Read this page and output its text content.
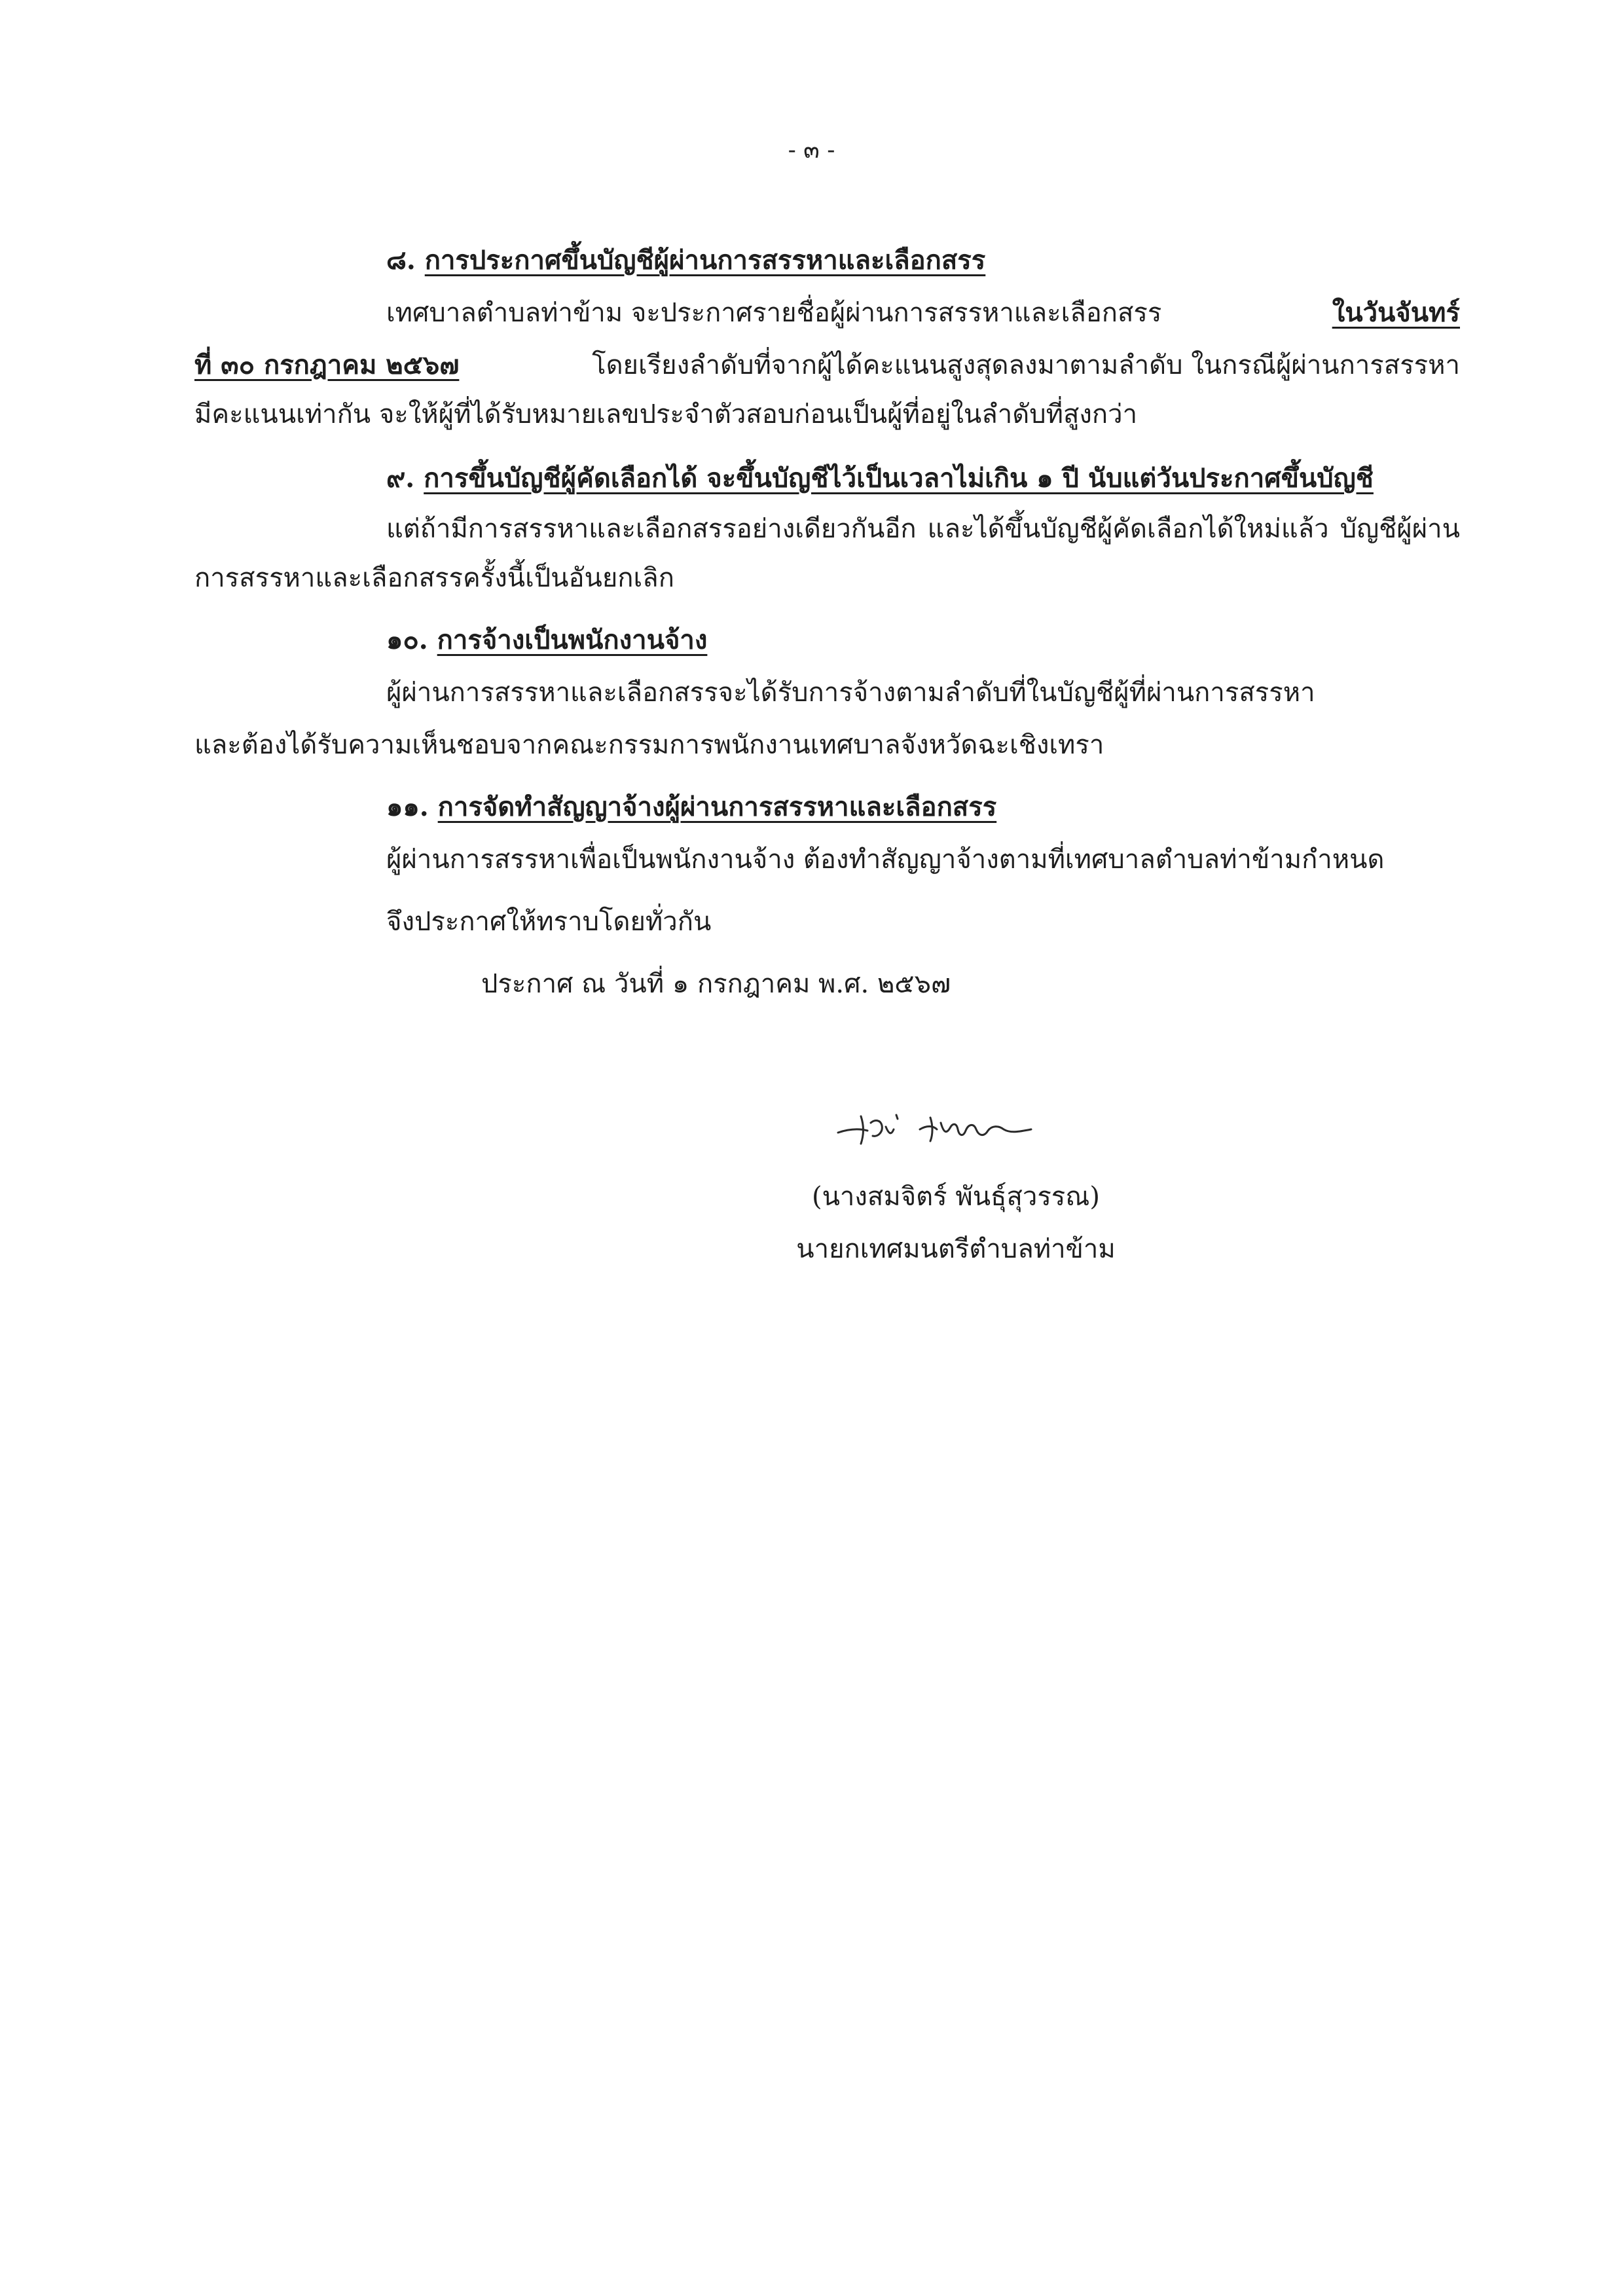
- ๓ -
๘. การประกาศขึ้นบัญชีผู้ผ่านการสรรหาและเลือกสรร
เทศบาลตำบลท่าข้าม จะประกาศรายชื่อผู้ผ่านการสรรหาและเลือกสรร	ในวันจันทร์
ที่ ๓๐ กรกฎาคม ๒๕๖๗	โดยเรียงลำดับที่จากผู้ได้คะแนนสูงสุดลงมาตามลำดับ ในกรณีผู้ผ่านการสรรหา
มีคะแนนเท่ากัน จะให้ผู้ที่ได้รับหมายเลขประจำตัวสอบก่อนเป็นผู้ที่อยู่ในลำดับที่สูงกว่า
๙. การขึ้นบัญชีผู้คัดเลือกได้ จะขึ้นบัญชีไว้เป็นเวลาไม่เกิน ๑ ปี นับแต่วันประกาศขึ้นบัญชี
แต่ถ้ามีการสรรหาและเลือกสรรอย่างเดียวกันอีก และได้ขึ้นบัญชีผู้คัดเลือกได้ใหม่แล้ว บัญชีผู้ผ่าน
การสรรหาและเลือกสรรครั้งนี้เป็นอันยกเลิก
๑๐. การจ้างเป็นพนักงานจ้าง
ผู้ผ่านการสรรหาและเลือกสรรจะได้รับการจ้างตามลำดับที่ในบัญชีผู้ที่ผ่านการสรรหา
และต้องได้รับความเห็นชอบจากคณะกรรมการพนักงานเทศบาลจังหวัดฉะเชิงเทรา
๑๑. การจัดทำสัญญาจ้างผู้ผ่านการสรรหาและเลือกสรร
ผู้ผ่านการสรรหาเพื่อเป็นพนักงานจ้าง ต้องทำสัญญาจ้างตามที่เทศบาลตำบลท่าข้ามกำหนด
จึงประกาศให้ทราบโดยทั่วกัน
ประกาศ ณ วันที่ ๑ กรกฎาคม พ.ศ. ๒๕๖๗
(นางสมจิตร์ พันธุ์สุวรรณ)
นายกเทศมนตรีตำบลท่าข้าม
